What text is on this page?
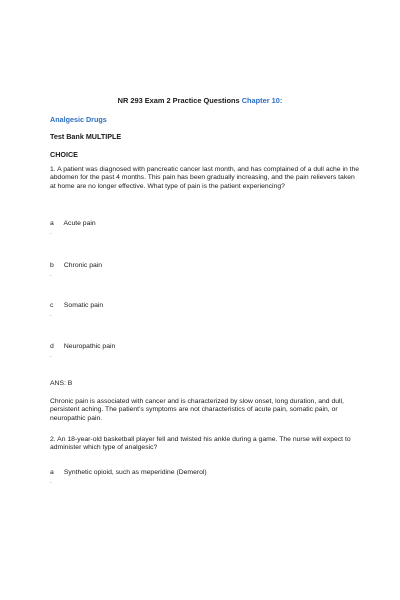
NR 293 Exam 2 Practice Questions Chapter 10:
Analgesic Drugs
Test Bank MULTIPLE
CHOICE
1. A patient was diagnosed with pancreatic cancer last month, and has complained of a dull ache in the abdomen for the past 4 months. This pain has been gradually increasing, and the pain relievers taken at home are no longer effective. What type of pain is the patient experiencing?
a Acute pain
.
b Chronic pain
.
c Somatic pain
.
d Neuropathic pain
.
ANS: B
Chronic pain is associated with cancer and is characterized by slow onset, long duration, and dull, persistent aching. The patient’s symptoms are not characteristics of acute pain, somatic pain, or neuropathic pain.
2. An 18-year-old basketball player fell and twisted his ankle during a game. The nurse will expect to administer which type of analgesic?
a Synthetic opioid, such as meperidine (Demerol)
.
